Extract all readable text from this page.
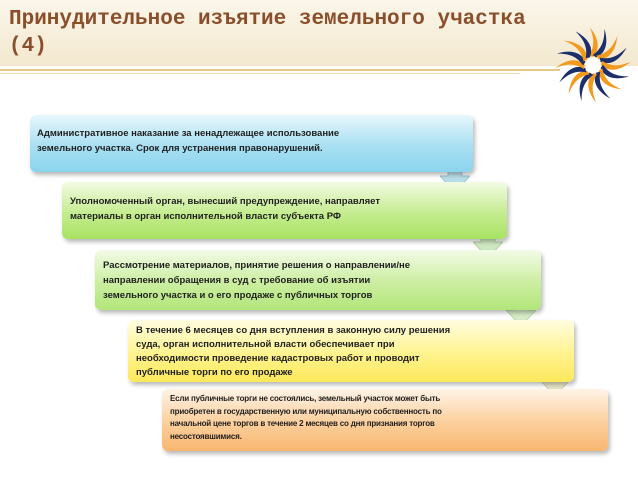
Принудительное изъятие земельного участка (4)
Административное наказание за ненадлежащее использование
земельного участка. Срок для устранения правонарушений.
Уполномоченный орган, вынесший предупреждение, направляет
материалы в орган исполнительной власти субъекта РФ
Рассмотрение материалов, принятие решения о направлении/не
направлении обращения в суд с требование об изъятии
земельного участка и о его продаже с публичных торгов
В течение 6 месяцев со дня вступления в законную силу решения
суда, орган исполнительной власти обеспечивает при
необходимости проведение кадастровых работ и проводит
публичные торги по его продаже
Если публичные торги не состоялись, земельный участок может быть
приобретен в государственную или муниципальную собственность по
начальной цене торгов в течение 2 месяцев со дня признания торгов
несостоявшимися.
